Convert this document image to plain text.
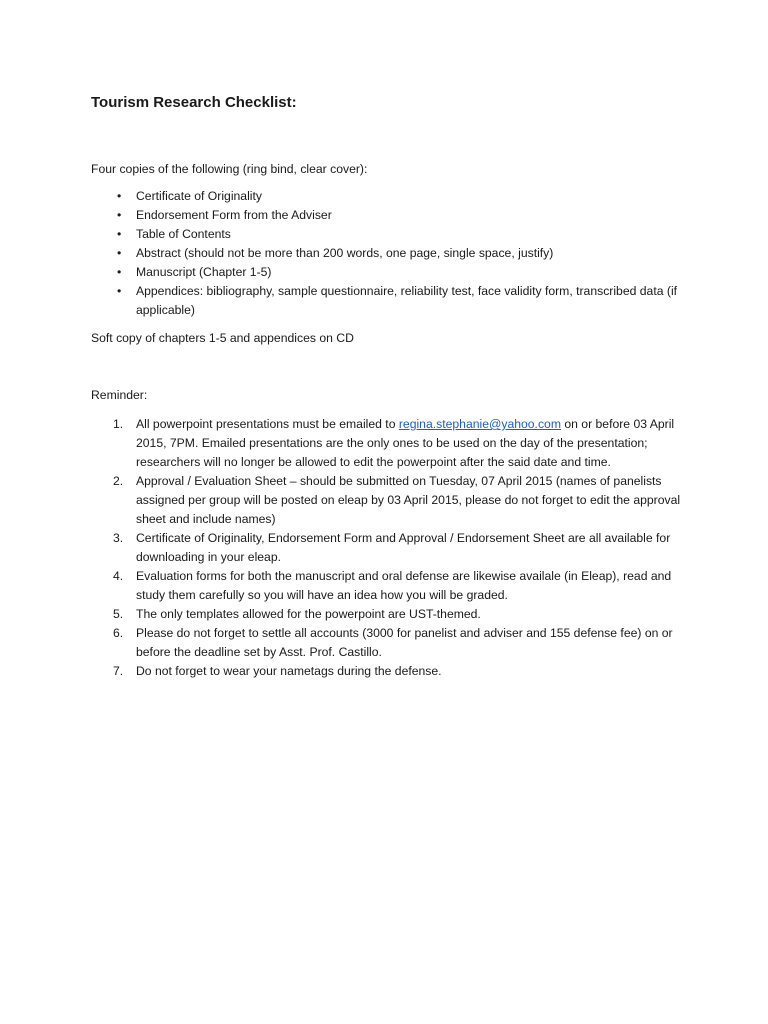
Tourism Research Checklist:

Four copies of the following (ring bind, clear cover):

• Certificate of Originality
• Endorsement Form from the Adviser
• Table of Contents
• Abstract (should not be more than 200 words, one page, single space, justify)
• Manuscript (Chapter 1-5)
• Appendices: bibliography, sample questionnaire, reliability test, face validity form, transcribed data (if applicable)

Soft copy of chapters 1-5 and appendices on CD

Reminder:

1. All powerpoint presentations must be emailed to regina.stephanie@yahoo.com on or before 03 April 2015, 7PM. Emailed presentations are the only ones to be used on the day of the presentation; researchers will no longer be allowed to edit the powerpoint after the said date and time.
2. Approval / Evaluation Sheet – should be submitted on Tuesday, 07 April 2015 (names of panelists assigned per group will be posted on eleap by 03 April 2015, please do not forget to edit the approval sheet and include names)
3. Certificate of Originality, Endorsement Form and Approval / Endorsement Sheet are all available for downloading in your eleap.
4. Evaluation forms for both the manuscript and oral defense are likewise availale (in Eleap), read and study them carefully so you will have an idea how you will be graded.
5. The only templates allowed for the powerpoint are UST-themed.
6. Please do not forget to settle all accounts (3000 for panelist and adviser and 155 defense fee) on or before the deadline set by Asst. Prof. Castillo.
7. Do not forget to wear your nametags during the defense.
